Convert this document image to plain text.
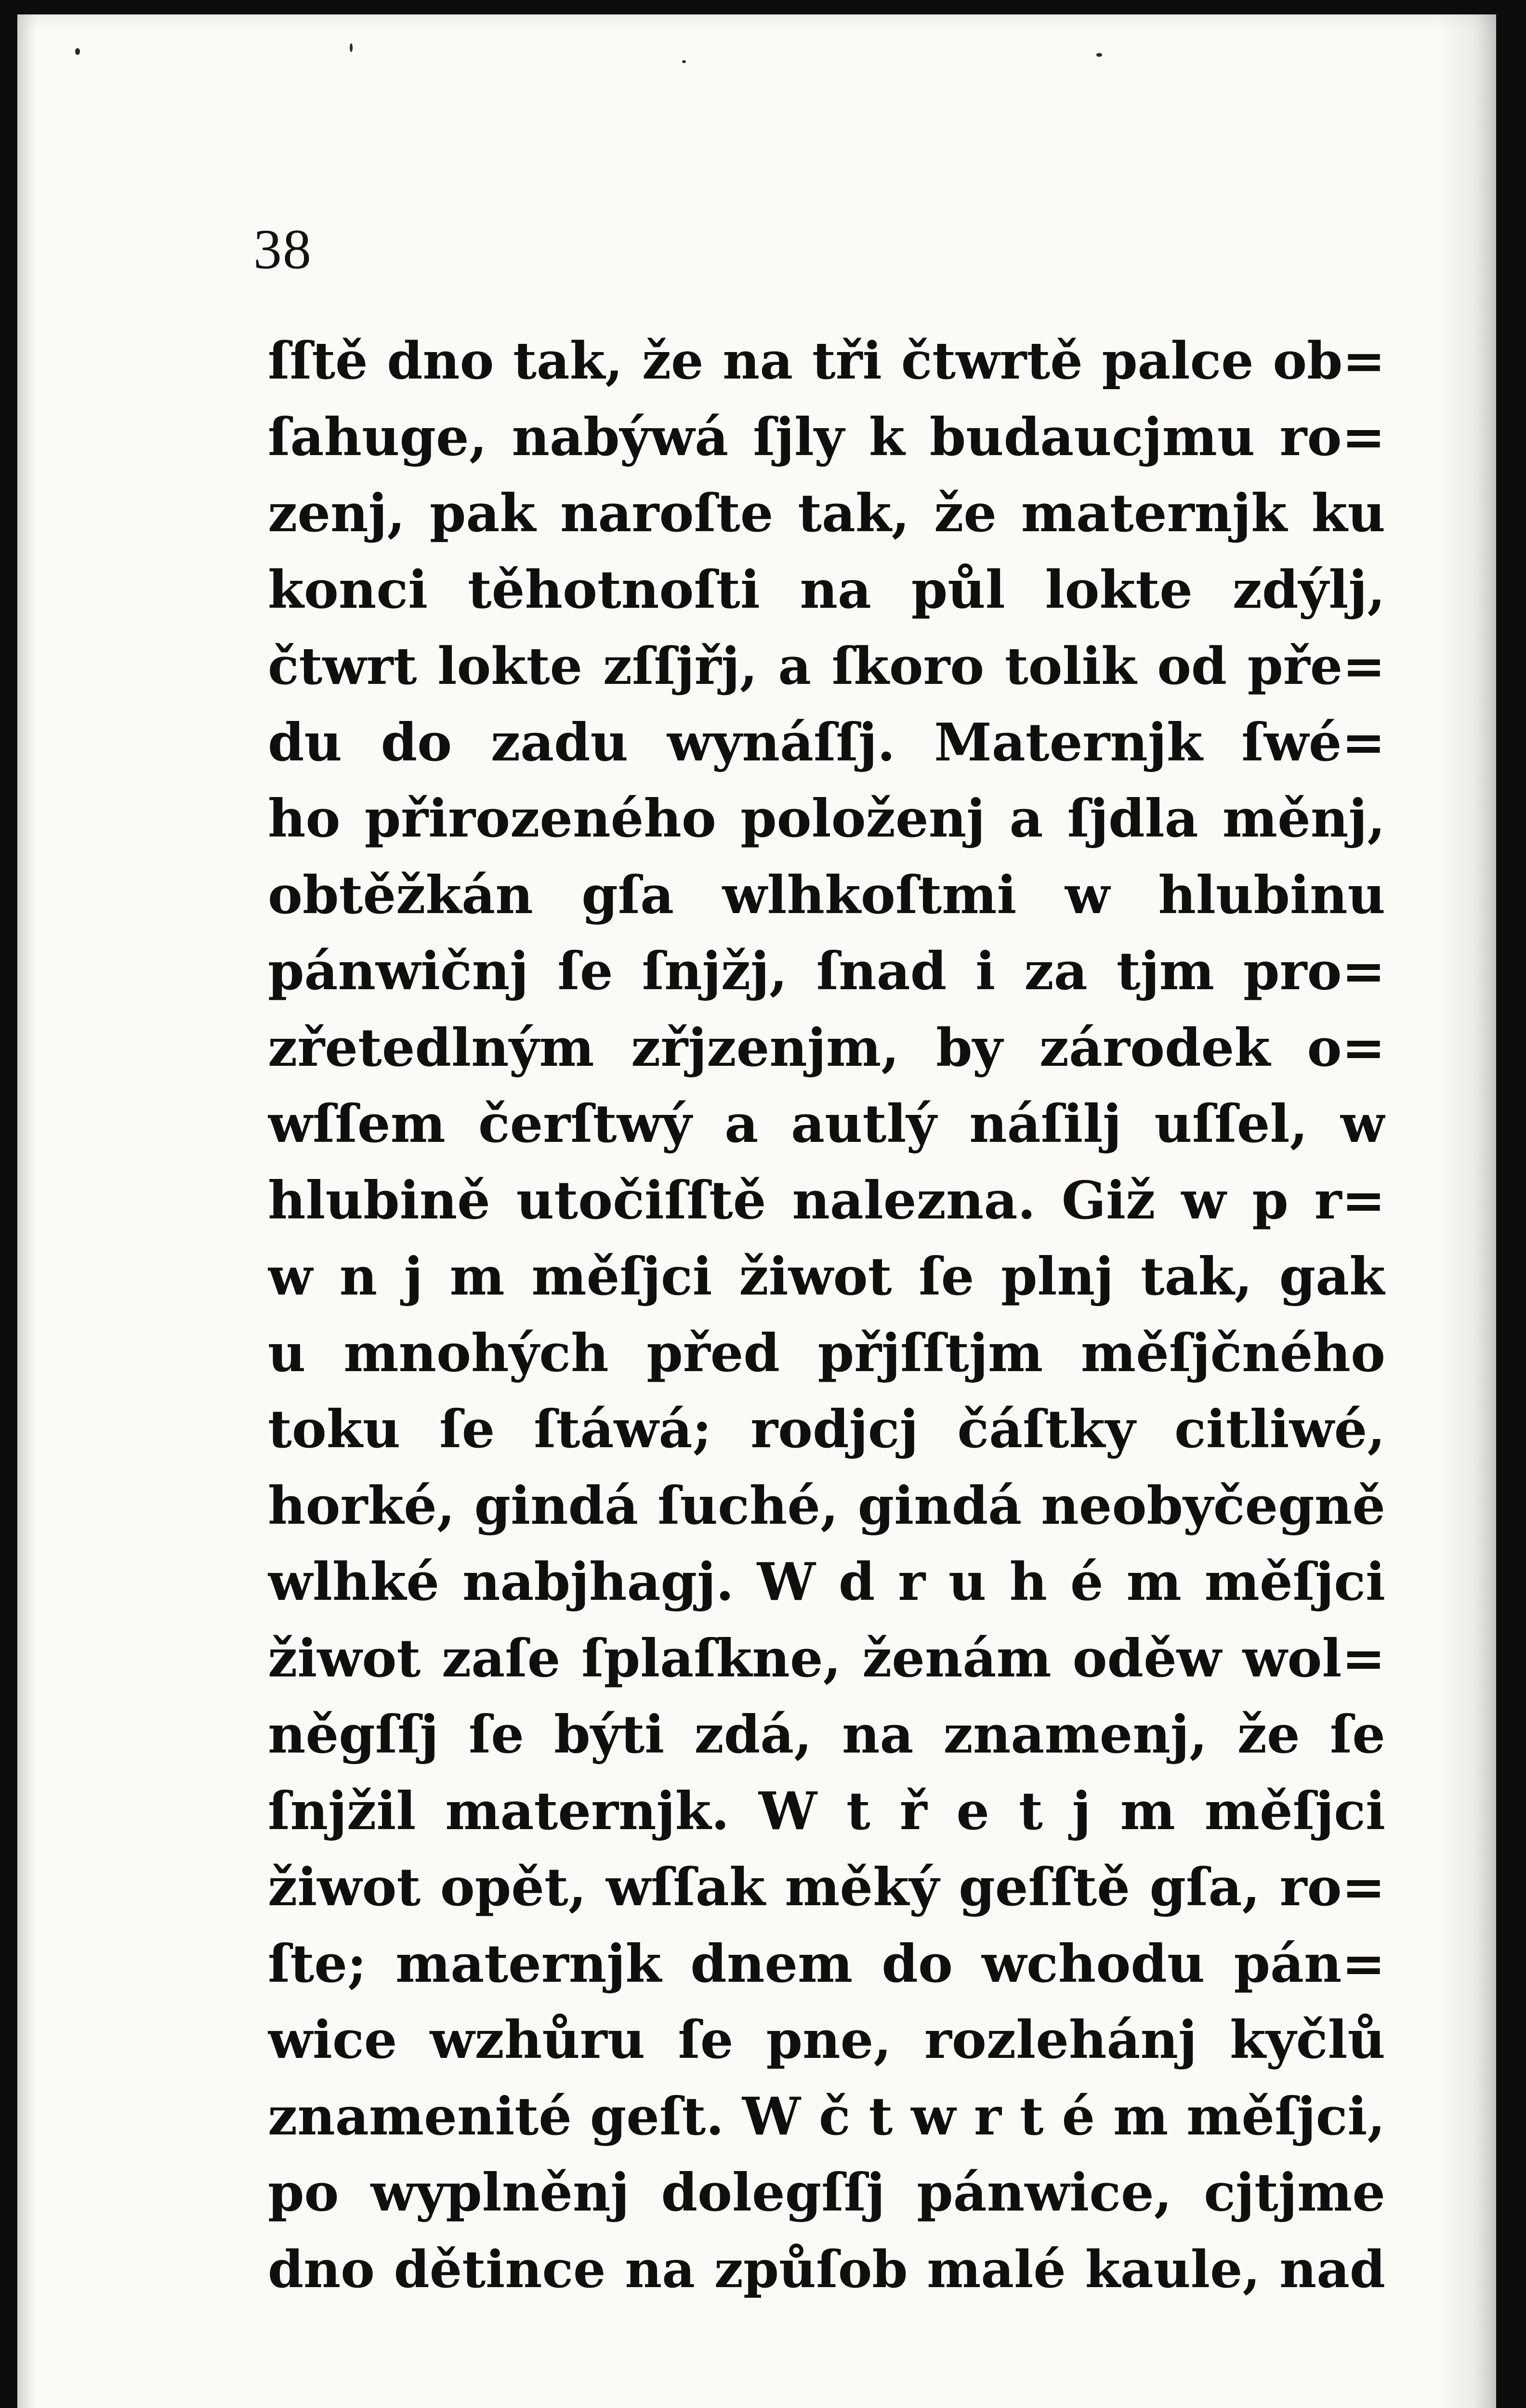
38
ſſtě dno tak, že na tři čtwrtě palce ob=
ſahuge, nabýwá ſjly k budaucjmu ro=
zenj, pak naroſte tak, že maternjk ku
konci těhotnoſti na půl lokte zdýlj,
čtwrt lokte zſſjřj, a ſkoro tolik od pře=
du do zadu wynáſſj. Maternjk ſwé=
ho přirozeného položenj a ſjdla měnj,
obtěžkán gſa wlhkoſtmi w hlubinu
pánwičnj ſe ſnjžj, ſnad i za tjm pro=
zřetedlným zřjzenjm, by zárodek o=
wſſem čerſtwý a autlý náſilj uſſel, w
hlubině utočiſſtě nalezna. Giž w p r=
w n j m měſjci žiwot ſe plnj tak, gak
u mnohých před přjſſtjm měſjčného
toku ſe ſtáwá; rodjcj čáſtky citliwé,
horké, gindá ſuché, gindá neobyčegně
wlhké nabjhagj. W d r u h é m měſjci
žiwot zaſe ſplaſkne, ženám oděw wol=
něgſſj ſe býti zdá, na znamenj, že ſe
ſnjžil maternjk. W t ř e t j m měſjci
žiwot opět, wſſak měký geſſtě gſa, ro=
ſte; maternjk dnem do wchodu pán=
wice wzhůru ſe pne, rozlehánj kyčlů
znamenité geſt. W č t w r t é m měſjci,
po wyplněnj dolegſſj pánwice, cjtjme
dno dětince na způſob malé kaule, nad
